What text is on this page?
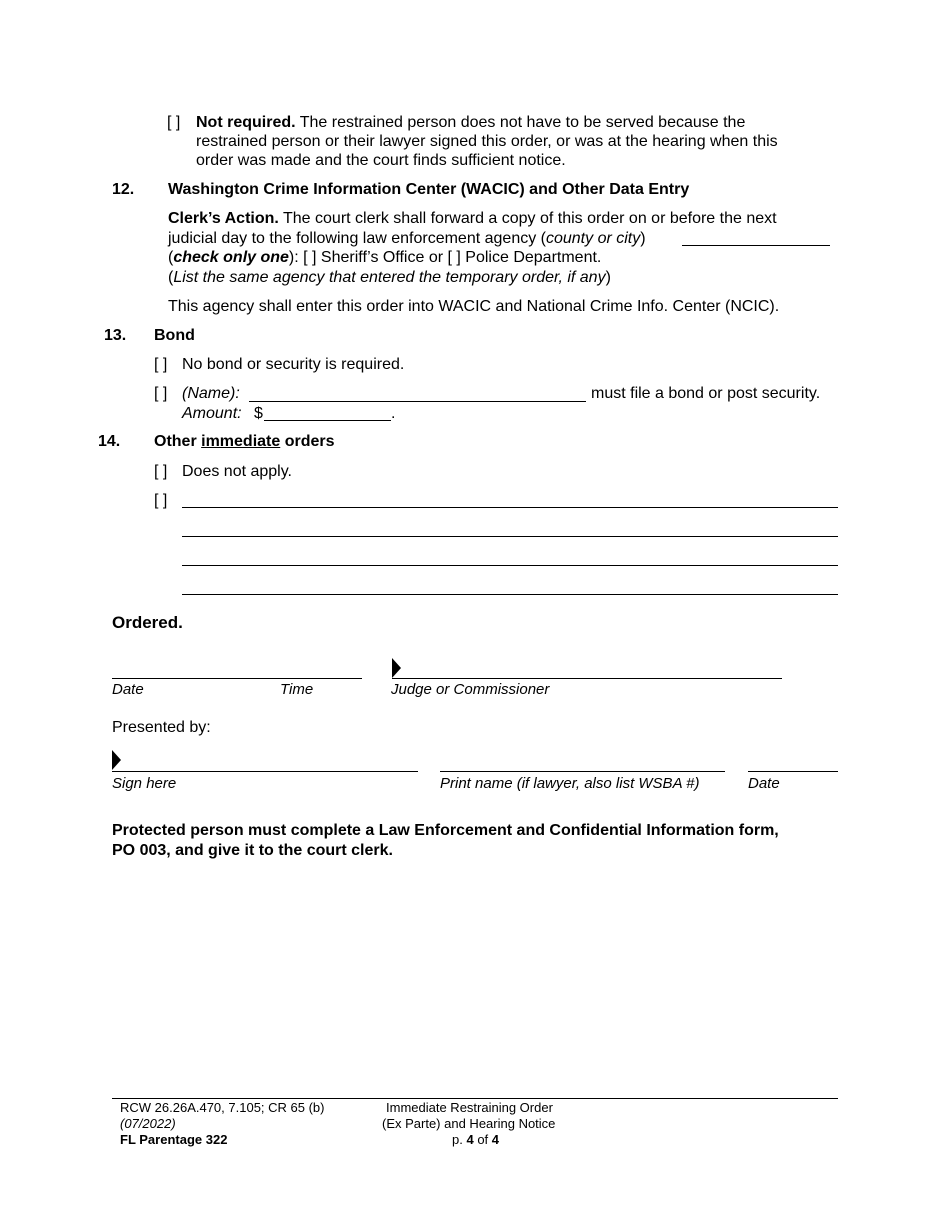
[ ] Not required. The restrained person does not have to be served because the
restrained person or their lawyer signed this order, or was at the hearing when this
order was made and the court finds sufficient notice.
12. Washington Crime Information Center (WACIC) and Other Data Entry
Clerk’s Action. The court clerk shall forward a copy of this order on or before the next
judicial day to the following law enforcement agency (county or city)
(check only one): [ ] Sheriff’s Office or [ ] Police Department.
(List the same agency that entered the temporary order, if any)
This agency shall enter this order into WACIC and National Crime Info. Center (NCIC).
13. Bond
[ ] No bond or security is required.
[ ] (Name):	must file a bond or post security.
Amount: $	.
14. Other immediate orders
[ ] Does not apply.
[ ]
Ordered.
Date	Time	Judge or Commissioner
Presented by:
Sign here	Print name (if lawyer, also list WSBA #)	Date
Protected person must complete a Law Enforcement and Confidential Information form,
PO 003, and give it to the court clerk.
RCW 26.26A.470, 7.105; CR 65 (b)
(07/2022)
FL Parentage 322
Immediate Restraining Order
(Ex Parte) and Hearing Notice
p. 4 of 4
